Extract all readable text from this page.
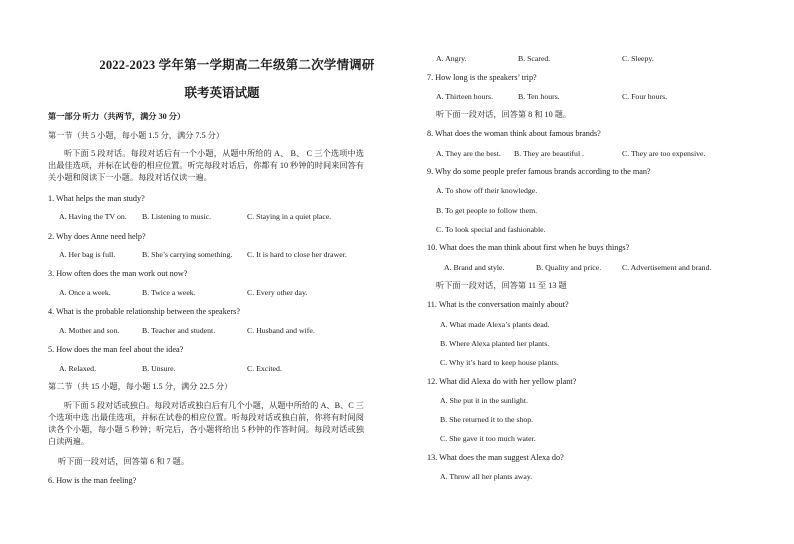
2022-2023 学年第一学期高二年级第二次学情调研
联考英语试题
第一部分 听力（共两节，满分 30 分）
第一节（共 5 小题，每小题 1.5 分，满分 7.5 分）
听下面 5 段对话。每段对话后有一个小题，从题中所给的 A、 B、 C 三个选项中选出最佳选项，并标在试卷的相应位置。听完每段对话后，你都有 10 秒钟的时间来回答有关小题和阅读下一小题。每段对话仅读一遍。
1. What helps the man study?
A. Having the TV on. B. Listening to music.	C. Staying in a quiet place.
2. Why does Anne need help?
A. Her bag is full.	B. She’s carrying something. C. It is hard to close her drawer.
3. How often does the man work out now?
A. Once a week.	B. Twice a week.	C. Every other day.
4. What is the probable relationship between the speakers?
A. Mother and son.	B. Teacher and student.	C. Husband and wife.
5. How does the man feel about the idea?
A. Relaxed.	B. Unsure.	C. Excited.
第二节（共 15 小题，每小题 1.5 分，满分 22.5 分）
听下面 5 段对话或独白。每段对话或独白后有几个小题，从题中所给的 A、B、C 三个选项中选 出最佳选项，并标在试卷的相应位置。听每段对话或独白前，你将有时间阅读各个小题，每小题 5 秒钟；听完后，各小题将给出 5 秒钟的作答时间。每段对话或独白读两遍。
听下面一段对话，回答第 6 和 7 题。
6. How is the man feeling?
A. Angry.	B. Scared.	C. Sleepy.
7. How long is the speakers’ trip?
A. Thirteen hours.	B. Ten hours.	C. Four hours.
听下面一段对话，回答第 8 和 10 题。
8. What does the woman think about famous brands?
A. They are the best. B. They are beautiful .	C. They are too expensive.
9. Why do some people prefer famous brands according to the man?
A. To show off their knowledge.
B. To get people to follow them.
C. To look special and fashionable.
10. What does the man think about first when he buys things?
A. Brand and style.	B. Quality and price.	C. Advertisement and brand.
听下面一段对话，回答第 11 至 13 题
11. What is the conversation mainly about?
A. What made Alexa’s plants dead.
B. Where Alexa planted her plants.
C. Why it’s hard to keep house plants.
12. What did Alexa do with her yellow plant?
A. She put it in the sunlight.
B. She returned it to the shop.
C. She gave it too much water.
13. What does the man suggest Alexa do?
A. Throw all her plants away.
